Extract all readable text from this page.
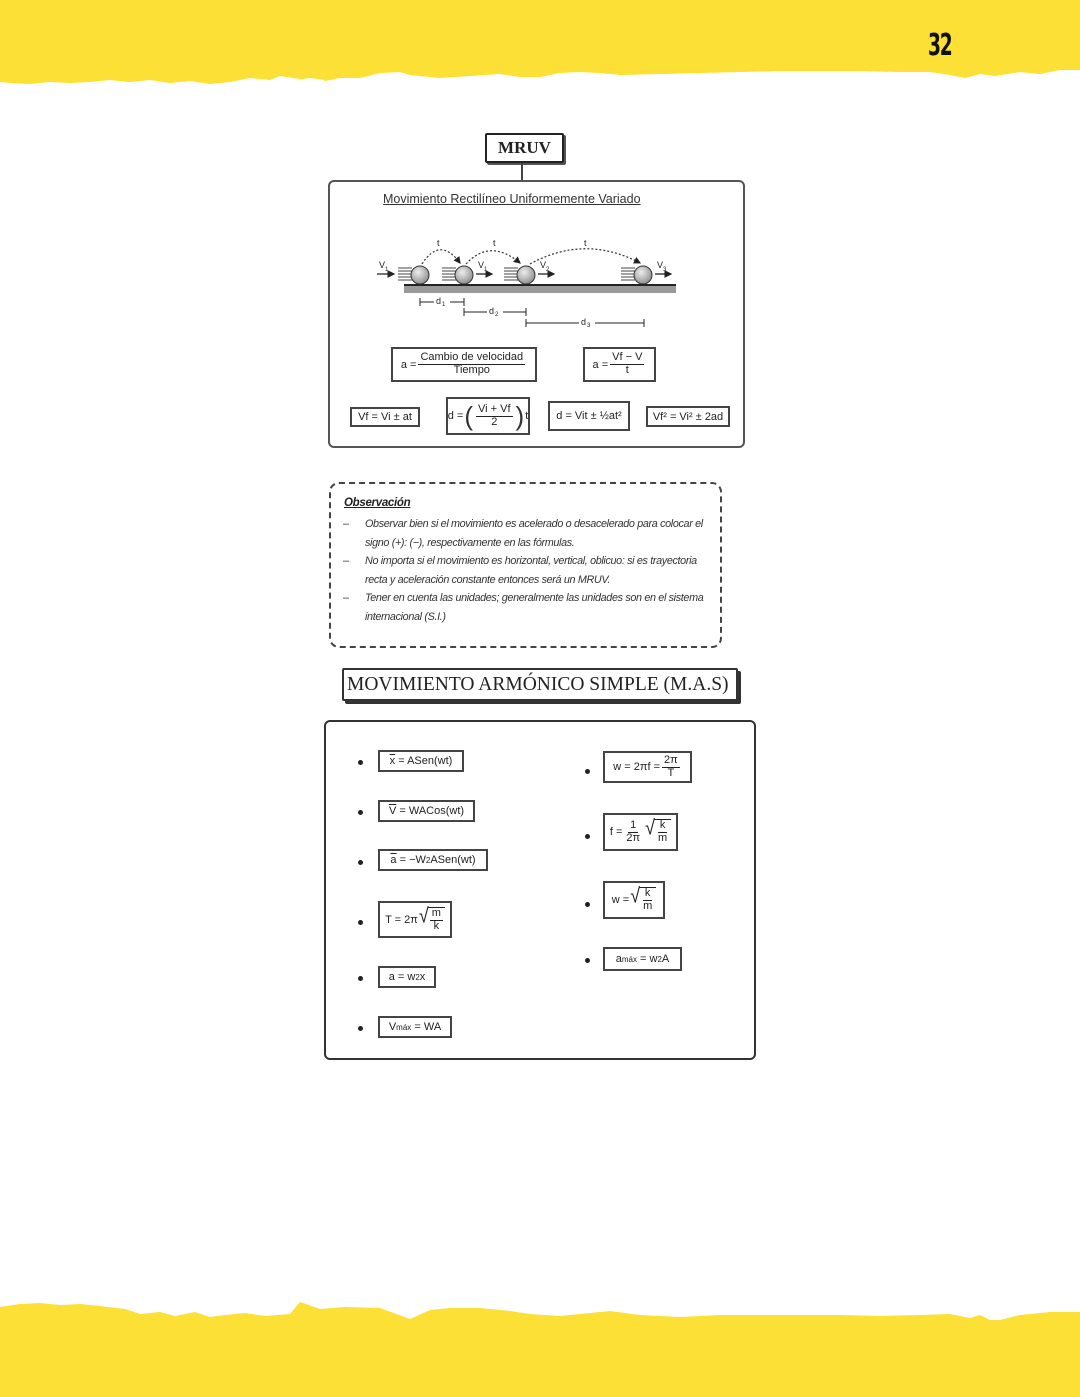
32
MRUV
Movimiento Rectilíneo Uniformemente Variado
V 1	V 1	V 2	V 3
t	t	t
d 1
d 2
d 3
$a = \frac{\text{Cambio de velocidad}}{\text{Tiempo}}$	$a = \frac{Vf - V}{t}$
Vf = Vi ± at	d = ( $\frac{Vi + Vf}{2}$ ) t	d = Vit ± ½at²	Vf² = Vi² ± 2ad
Observación
–	Observar bien si el movimiento es acelerado o desacelerado para colocar el
signo (+): (−), respectivamente en las fórmulas.
–	No importa si el movimiento es horizontal, vertical, oblicuo: si es trayectoria
recta y aceleración constante entonces será un MRUV.
–	Tener en cuenta las unidades; generalmente las unidades son en el sistema
internacional (S.I.)
MOVIMIENTO ARMÓNICO SIMPLE (M.A.S)
$\overline{x}$
= ASen(wt)
$\overline{V}$
= WACos(wt)
$\overline{a}$
= −W 2 ASen(wt)
T = 2π √ $\frac{m}{k}$
a = w 2 x
V máx
= WA
$w = 2\pi f = \frac{2\pi}{T}$
$f = \frac{1}{2\pi}$ √ $\frac{k}{m}$
w = √ $\frac{k}{m}$
a máx
= w 2 A
